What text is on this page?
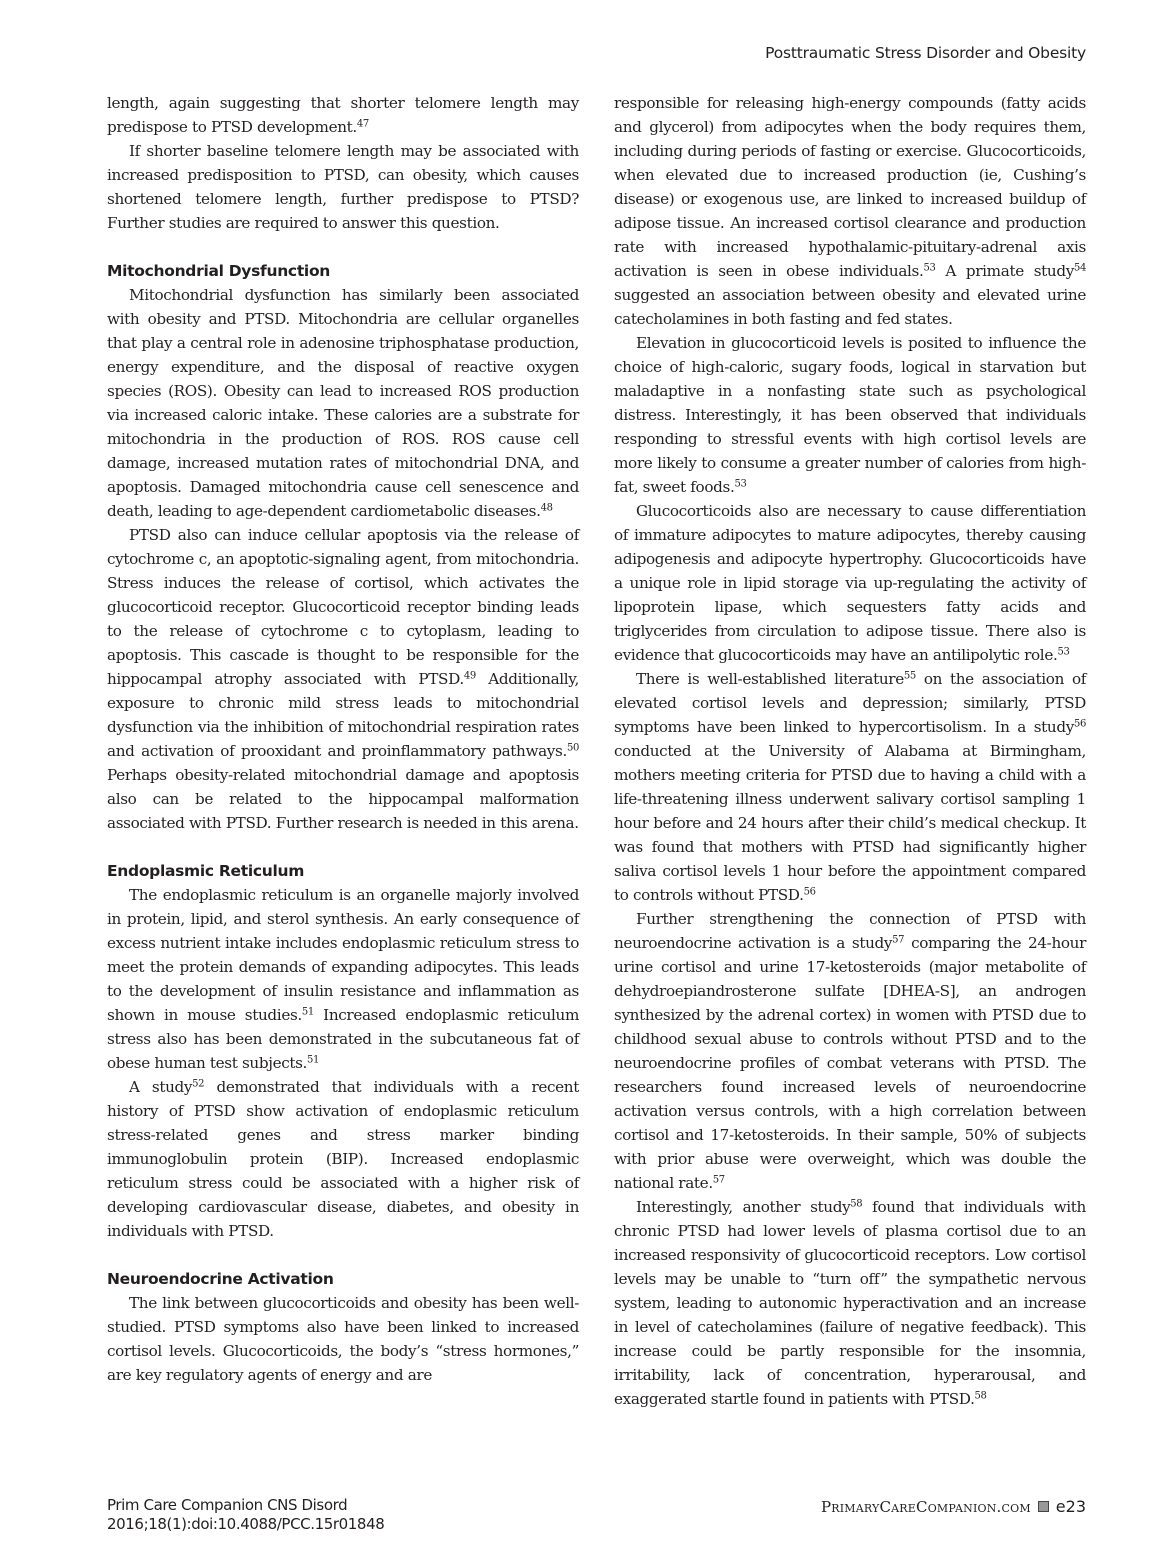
Posttraumatic Stress Disorder and Obesity

length, again suggesting that shorter telomere length may predispose to PTSD development.$^{47}$

If shorter baseline telomere length may be associated with increased predisposition to PTSD, can obesity, which causes shortened telomere length, further predispose to PTSD? Further studies are required to answer this question.

Mitochondrial Dysfunction

Mitochondrial dysfunction has similarly been associated with obesity and PTSD. Mitochondria are cellular organelles that play a central role in adenosine triphosphatase production, energy expenditure, and the disposal of reactive oxygen species (ROS). Obesity can lead to increased ROS production via increased caloric intake. These calories are a substrate for mitochondria in the production of ROS. ROS cause cell damage, increased mutation rates of mitochondrial DNA, and apoptosis. Damaged mitochondria cause cell senescence and death, leading to age-dependent cardiometabolic diseases.$^{48}$

PTSD also can induce cellular apoptosis via the release of cytochrome c, an apoptotic-signaling agent, from mitochondria. Stress induces the release of cortisol, which activates the glucocorticoid receptor. Glucocorticoid receptor binding leads to the release of cytochrome c to cytoplasm, leading to apoptosis. This cascade is thought to be responsible for the hippocampal atrophy associated with PTSD.$^{49}$ Additionally, exposure to chronic mild stress leads to mitochondrial dysfunction via the inhibition of mitochondrial respiration rates and activation of prooxidant and proinflammatory pathways.$^{50}$ Perhaps obesity-related mitochondrial damage and apoptosis also can be related to the hippocampal malformation associated with PTSD. Further research is needed in this arena.

Endoplasmic Reticulum

The endoplasmic reticulum is an organelle majorly involved in protein, lipid, and sterol synthesis. An early consequence of excess nutrient intake includes endoplasmic reticulum stress to meet the protein demands of expanding adipocytes. This leads to the development of insulin resistance and inflammation as shown in mouse studies.$^{51}$ Increased endoplasmic reticulum stress also has been demonstrated in the subcutaneous fat of obese human test subjects.$^{51}$

A study$^{52}$ demonstrated that individuals with a recent history of PTSD show activation of endoplasmic reticulum stress-related genes and stress marker binding immunoglobulin protein (BIP). Increased endoplasmic reticulum stress could be associated with a higher risk of developing cardiovascular disease, diabetes, and obesity in individuals with PTSD.

Neuroendocrine Activation

The link between glucocorticoids and obesity has been well-studied. PTSD symptoms also have been linked to increased cortisol levels. Glucocorticoids, the body’s “stress hormones,” are key regulatory agents of energy and are

responsible for releasing high-energy compounds (fatty acids and glycerol) from adipocytes when the body requires them, including during periods of fasting or exercise. Glucocorticoids, when elevated due to increased production (ie, Cushing’s disease) or exogenous use, are linked to increased buildup of adipose tissue. An increased cortisol clearance and production rate with increased hypothalamic-pituitary-adrenal axis activation is seen in obese individuals.$^{53}$ A primate study$^{54}$ suggested an association between obesity and elevated urine catecholamines in both fasting and fed states.

Elevation in glucocorticoid levels is posited to influence the choice of high-caloric, sugary foods, logical in starvation but maladaptive in a nonfasting state such as psychological distress. Interestingly, it has been observed that individuals responding to stressful events with high cortisol levels are more likely to consume a greater number of calories from high-fat, sweet foods.$^{53}$

Glucocorticoids also are necessary to cause differentiation of immature adipocytes to mature adipocytes, thereby causing adipogenesis and adipocyte hypertrophy. Glucocorticoids have a unique role in lipid storage via up-regulating the activity of lipoprotein lipase, which sequesters fatty acids and triglycerides from circulation to adipose tissue. There also is evidence that glucocorticoids may have an antilipolytic role.$^{53}$

There is well-established literature$^{55}$ on the association of elevated cortisol levels and depression; similarly, PTSD symptoms have been linked to hypercortisolism. In a study$^{56}$ conducted at the University of Alabama at Birmingham, mothers meeting criteria for PTSD due to having a child with a life-threatening illness underwent salivary cortisol sampling 1 hour before and 24 hours after their child’s medical checkup. It was found that mothers with PTSD had significantly higher saliva cortisol levels 1 hour before the appointment compared to controls without PTSD.$^{56}$

Further strengthening the connection of PTSD with neuroendocrine activation is a study$^{57}$ comparing the 24-hour urine cortisol and urine 17-ketosteroids (major metabolite of dehydroepiandrosterone sulfate [DHEA-S], an androgen synthesized by the adrenal cortex) in women with PTSD due to childhood sexual abuse to controls without PTSD and to the neuroendocrine profiles of combat veterans with PTSD. The researchers found increased levels of neuroendocrine activation versus controls, with a high correlation between cortisol and 17-ketosteroids. In their sample, 50% of subjects with prior abuse were overweight, which was double the national rate.$^{57}$

Interestingly, another study$^{58}$ found that individuals with chronic PTSD had lower levels of plasma cortisol due to an increased responsivity of glucocorticoid receptors. Low cortisol levels may be unable to “turn off” the sympathetic nervous system, leading to autonomic hyperactivation and an increase in level of catecholamines (failure of negative feedback). This increase could be partly responsible for the insomnia, irritability, lack of concentration, hyperarousal, and exaggerated startle found in patients with PTSD.$^{58}$

Prim Care Companion CNS Disord
2016;18(1):doi:10.4088/PCC.15r01848
PrimaryCareCompanion.com e23
